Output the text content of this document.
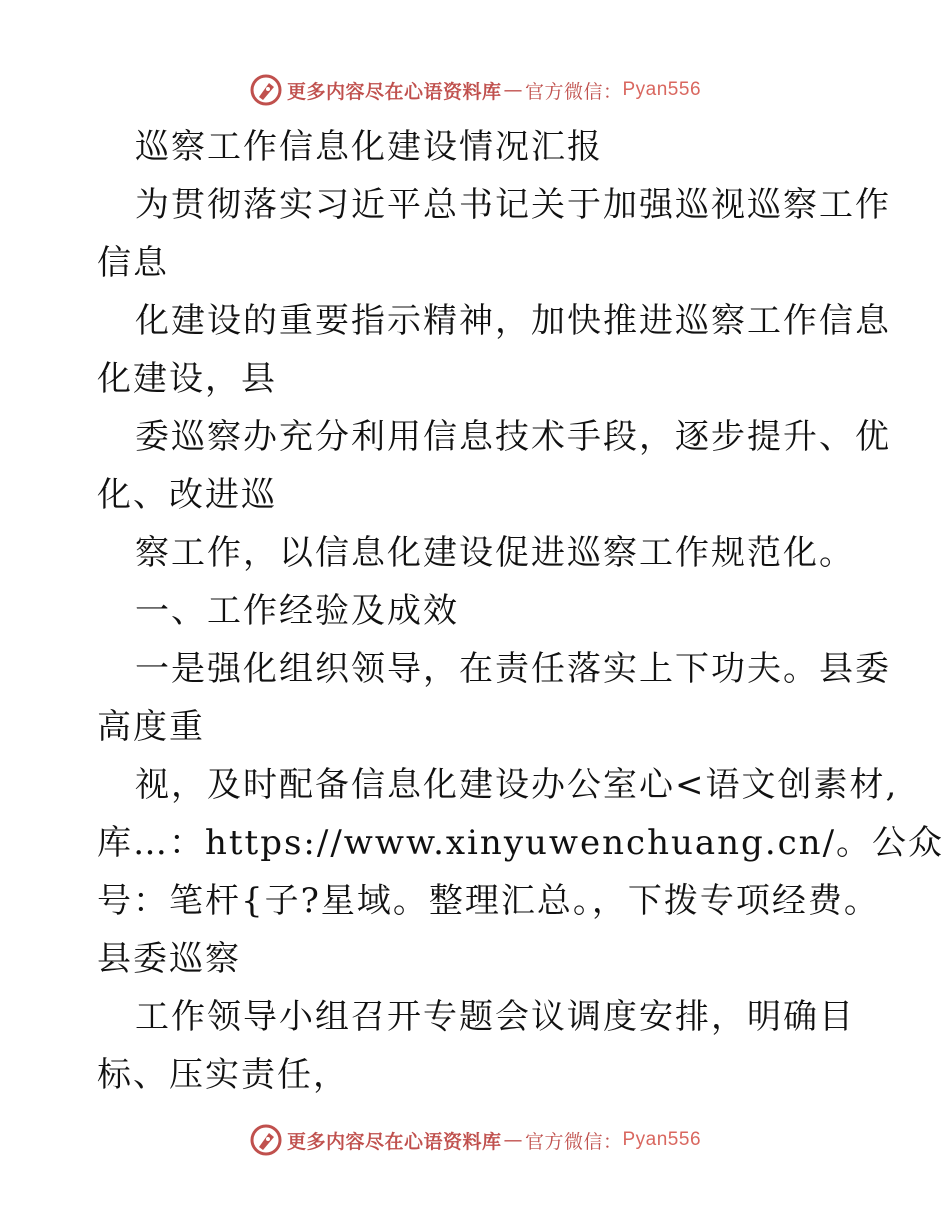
更多内容尽在心语资料库 — 官方微信： Pyan556
巡察工作信息化建设情况汇报
为贯彻落实习近平总书记关于加强巡视巡察工作
信息
化建设的重要指示精神，加快推进巡察工作信息
化建设，县
委巡察办充分利用信息技术手段，逐步提升、优
化、改进巡
察工作，以信息化建设促进巡察工作规范化。
一、工作经验及成效
一是强化组织领导，在责任落实上下功夫。县委
高度重
视，及时配备信息化建设办公室心<语文创素材,
库…：https://www.xinyuwenchuang.cn/。公众
号：笔杆{子?星域。整理汇总。，下拨专项经费。
县委巡察
工作领导小组召开专题会议调度安排，明确目
标、压实责任，
更多内容尽在心语资料库 — 官方微信： Pyan556
